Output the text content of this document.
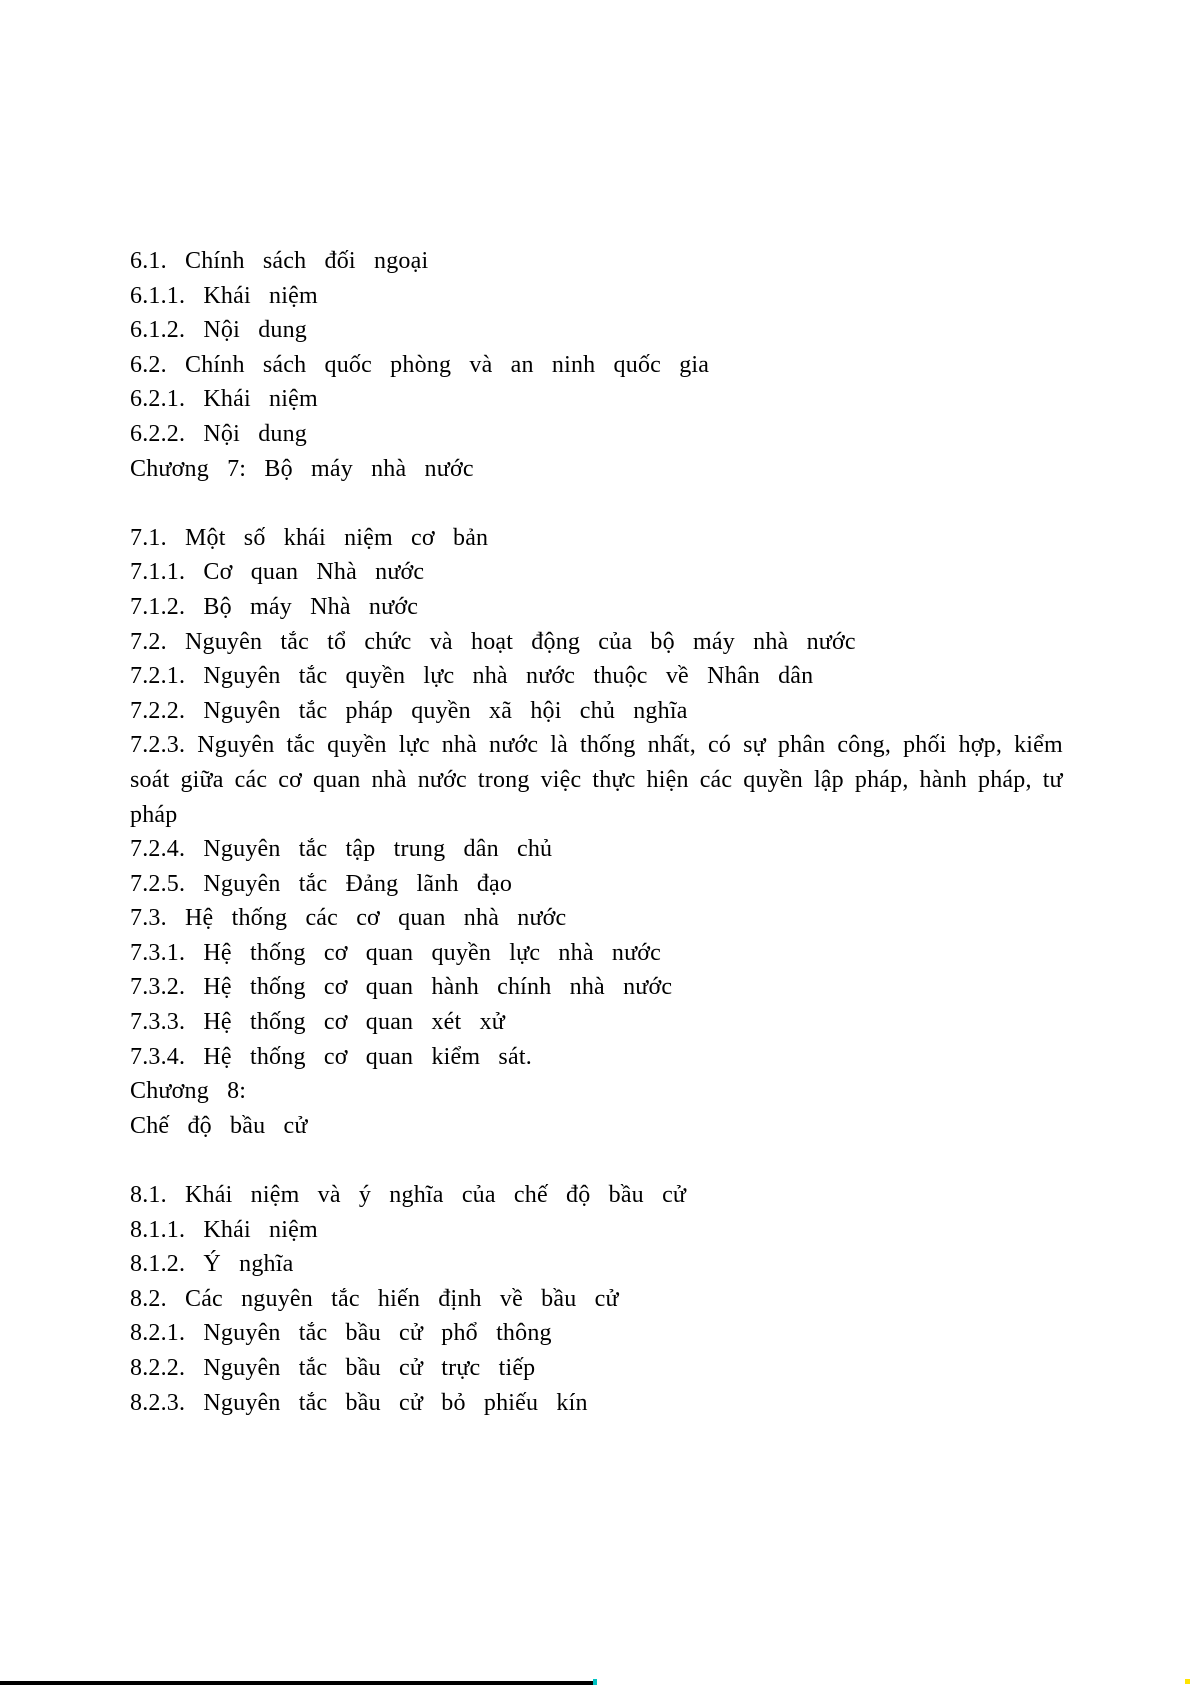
6.1. Chính sách đối ngoại
6.1.1. Khái niệm
6.1.2. Nội dung
6.2. Chính sách quốc phòng và an ninh quốc gia
6.2.1. Khái niệm
6.2.2. Nội dung
Chương 7: Bộ máy nhà nước
7.1. Một số khái niệm cơ bản
7.1.1. Cơ quan Nhà nước
7.1.2. Bộ máy Nhà nước
7.2. Nguyên tắc tổ chức và hoạt động của bộ máy nhà nước
7.2.1. Nguyên tắc quyền lực nhà nước thuộc về Nhân dân
7.2.2. Nguyên tắc pháp quyền xã hội chủ nghĩa
7.2.3. Nguyên tắc quyền lực nhà nước là thống nhất, có sự phân công, phối hợp, kiểm
soát giữa các cơ quan nhà nước trong việc thực hiện các quyền lập pháp, hành pháp, tư
pháp
7.2.4. Nguyên tắc tập trung dân chủ
7.2.5. Nguyên tắc Đảng lãnh đạo
7.3. Hệ thống các cơ quan nhà nước
7.3.1. Hệ thống cơ quan quyền lực nhà nước
7.3.2. Hệ thống cơ quan hành chính nhà nước
7.3.3. Hệ thống cơ quan xét xử
7.3.4. Hệ thống cơ quan kiểm sát.
Chương 8:
Chế độ bầu cử
8.1. Khái niệm và ý nghĩa của chế độ bầu cử
8.1.1. Khái niệm
8.1.2. Ý nghĩa
8.2. Các nguyên tắc hiến định về bầu cử
8.2.1. Nguyên tắc bầu cử phổ thông
8.2.2. Nguyên tắc bầu cử trực tiếp
8.2.3. Nguyên tắc bầu cử bỏ phiếu kín
